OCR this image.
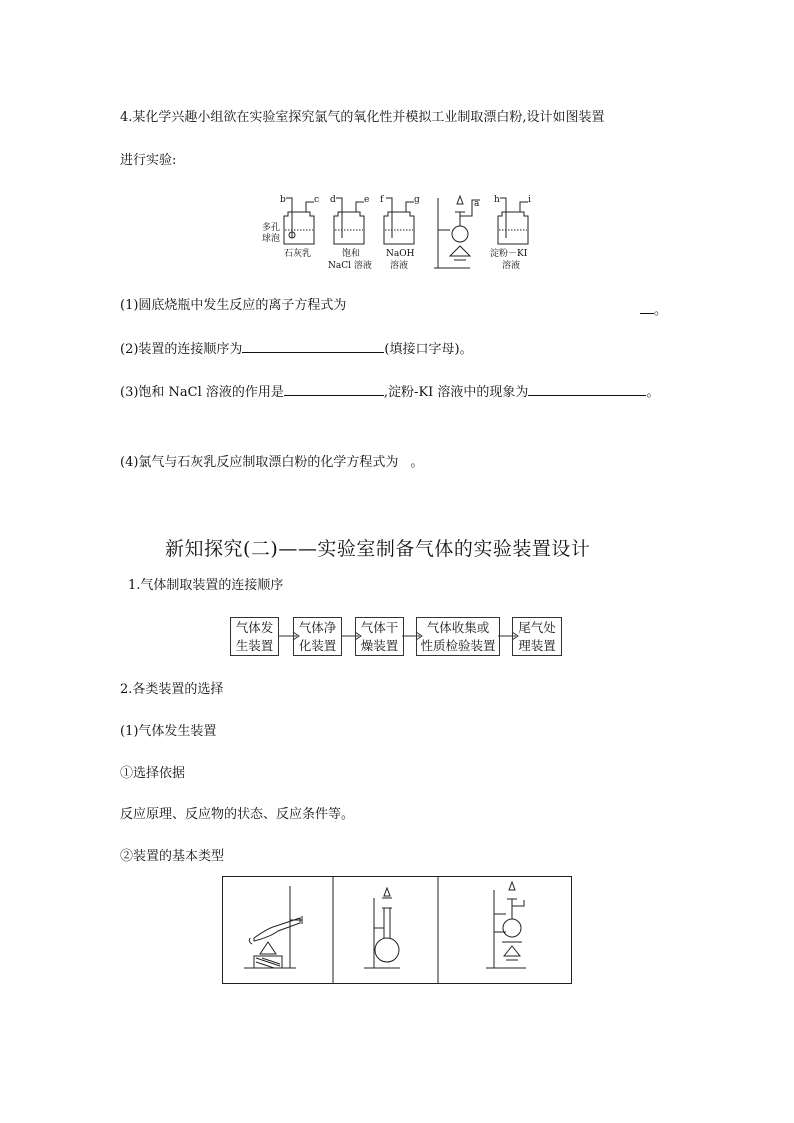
4.某化学兴趣小组欲在实验室探究氯气的氧化性并模拟工业制取漂白粉,设计如图装置
进行实验:
b	c d	e f	g	a h	i
多孔
球泡
石灰乳	饱和
NaCl 溶液
NaOH
溶液
淀粉－KI
溶液
(1)圆底烧瓶中发生反应的离子方程式为	。
(2)装置的连接顺序为	(填接口字母)。
(3)饱和 NaCl 溶液的作用是	,淀粉-KI 溶液中的现象为	。
(4)氯气与石灰乳反应制取漂白粉的化学方程式为 。
新知探究(二)——实验室制备气体的实验装置设计
1.气体制取装置的连接顺序
气体发
生装置
气体净
化装置
气体干
燥装置
气体收集或
性质检验装置
尾气处
理装置
2.各类装置的选择
(1)气体发生装置
①选择依据
反应原理、反应物的状态、反应条件等。
②装置的基本类型
